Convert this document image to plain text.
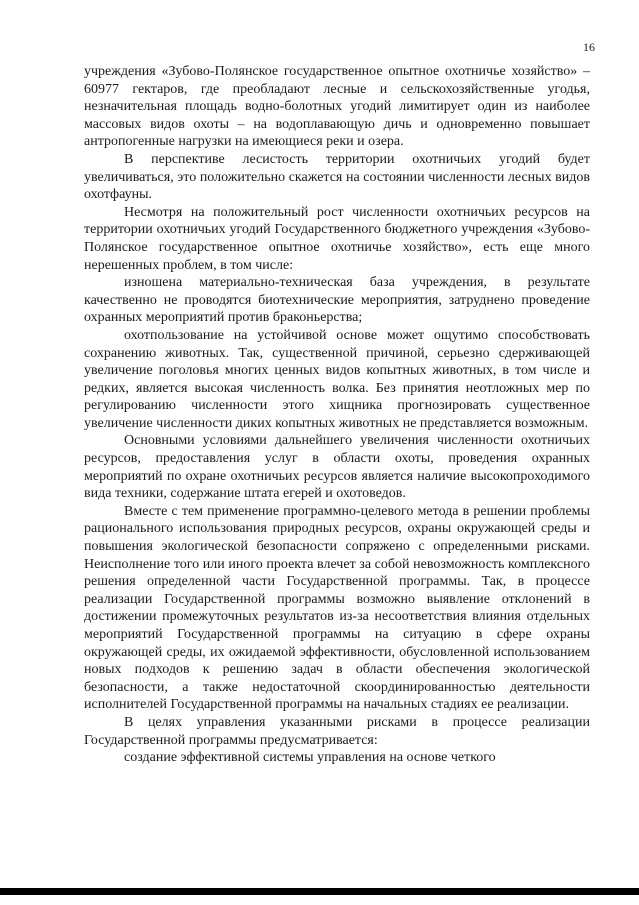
16

учреждения «Зубово-Полянское государственное опытное охотничье хозяйство» – 60977 гектаров, где преобладают лесные и сельскохозяйственные угодья, незначительная площадь водно-болотных угодий лимитирует один из наиболее массовых видов охоты – на водоплавающую дичь и одновременно повышает антропогенные нагрузки на имеющиеся реки и озера.

В перспективе лесистость территории охотничьих угодий будет увеличиваться, это положительно скажется на состоянии численности лесных видов охотфауны.

Несмотря на положительный рост численности охотничьих ресурсов на территории охотничьих угодий Государственного бюджетного учреждения «Зубово-Полянское государственное опытное охотничье хозяйство», есть еще много нерешенных проблем, в том числе:

изношена материально-техническая база учреждения, в результате качественно не проводятся биотехнические мероприятия, затруднено проведение охранных мероприятий против браконьерства;

охотпользование на устойчивой основе может ощутимо способствовать сохранению животных. Так, существенной причиной, серьезно сдерживающей увеличение поголовья многих ценных видов копытных животных, в том числе и редких, является высокая численность волка. Без принятия неотложных мер по регулированию численности этого хищника прогнозировать существенное увеличение численности диких копытных животных не представляется возможным.

Основными условиями дальнейшего увеличения численности охотничьих ресурсов, предоставления услуг в области охоты, проведения охранных мероприятий по охране охотничьих ресурсов является наличие высокопроходимого вида техники, содержание штата егерей и охотоведов.

Вместе с тем применение программно-целевого метода в решении проблемы рационального использования природных ресурсов, охраны окружающей среды и повышения экологической безопасности сопряжено с определенными рисками. Неисполнение того или иного проекта влечет за собой невозможность комплексного решения определенной части Государственной программы. Так, в процессе реализации Государственной программы возможно выявление отклонений в достижении промежуточных результатов из-за несоответствия влияния отдельных мероприятий Государственной программы на ситуацию в сфере охраны окружающей среды, их ожидаемой эффективности, обусловленной использованием новых подходов к решению задач в области обеспечения экологической безопасности, а также недостаточной скоординированностью деятельности исполнителей Государственной программы на начальных стадиях ее реализации.

В целях управления указанными рисками в процессе реализации Государственной программы предусматривается:

создание эффективной системы управления на основе четкого
